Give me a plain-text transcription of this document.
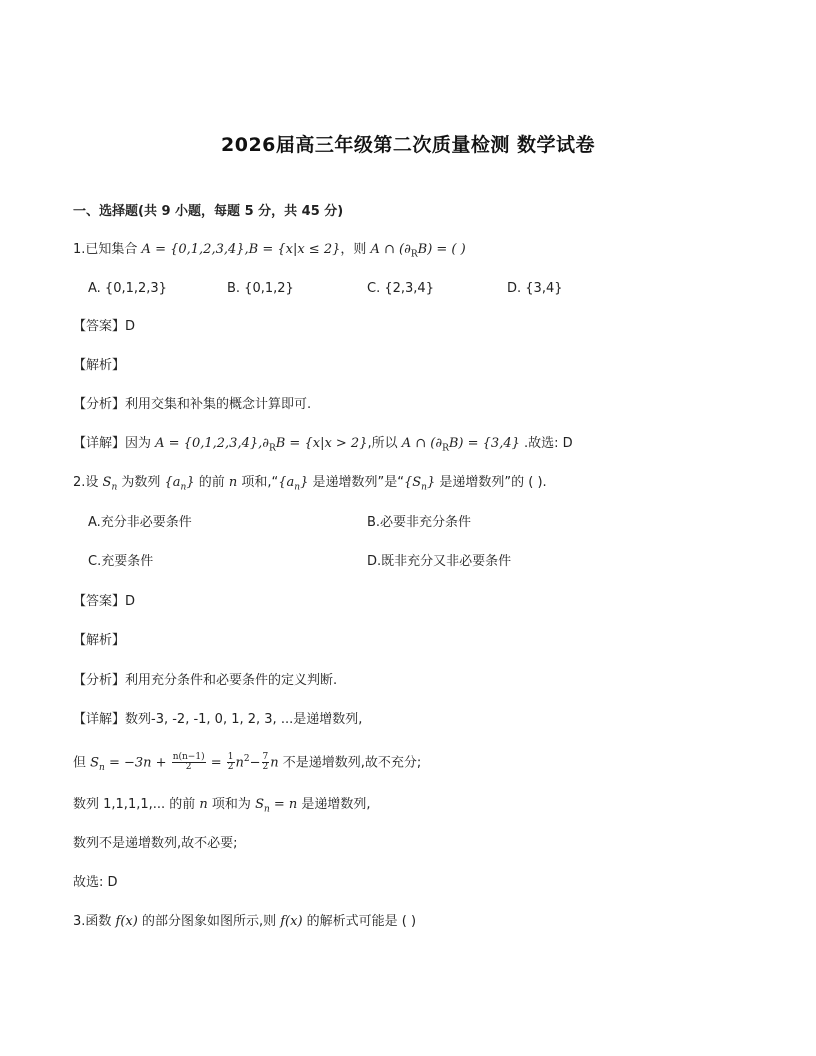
2026届高三年级第二次质量检测 数学试卷
一、选择题(共 9 小题，每题 5 分，共 45 分)
1.已知集合 A = {0,1,2,3,4},B = {x|x ≤ 2}，则 A ∩ $(\partial_RB)$ = ( )
A. {0,1,2,3}	B. {0,1,2}	C. {2,3,4}	D. {3,4}
【答案】D
【解析】
【分析】利用交集和补集的概念计算即可.
【详解】因为 $A = \{0,1,2,3,4\},\partial_RB = \{x|x > 2\}$,所以 A ∩ $(\partial_RB) = \{3,4\}$ .故选: D
2.设 $S_n$ 为数列 $\{a_n\}$ 的前 n 项和$,“\{a_n\}$ 是递增数列”是“$\{S_n\}$ 是递增数列”的 ( ).
A.充分非必要条件	B.必要非充分条件
C.充要条件	D.既非充分又非必要条件
【答案】D
【解析】
【分析】利用充分条件和必要条件的定义判断.
【详解】数列-3, -2, -1, 0, 1, 2, 3, ...是递增数列,
但 $S_n = -3n + \frac{n(n-1)}{2} = \frac{1}{2} n^2- \frac{7}{2}$ n 不是递增数列,故不充分;
数列 1,1,1,1,... 的前 n 项和为 $S_n = n$ 是递增数列,
数列不是递增数列,故不必要;
故选: D
3.函数 f(x) 的部分图象如图所示,则 f(x) 的解析式可能是 ( )
